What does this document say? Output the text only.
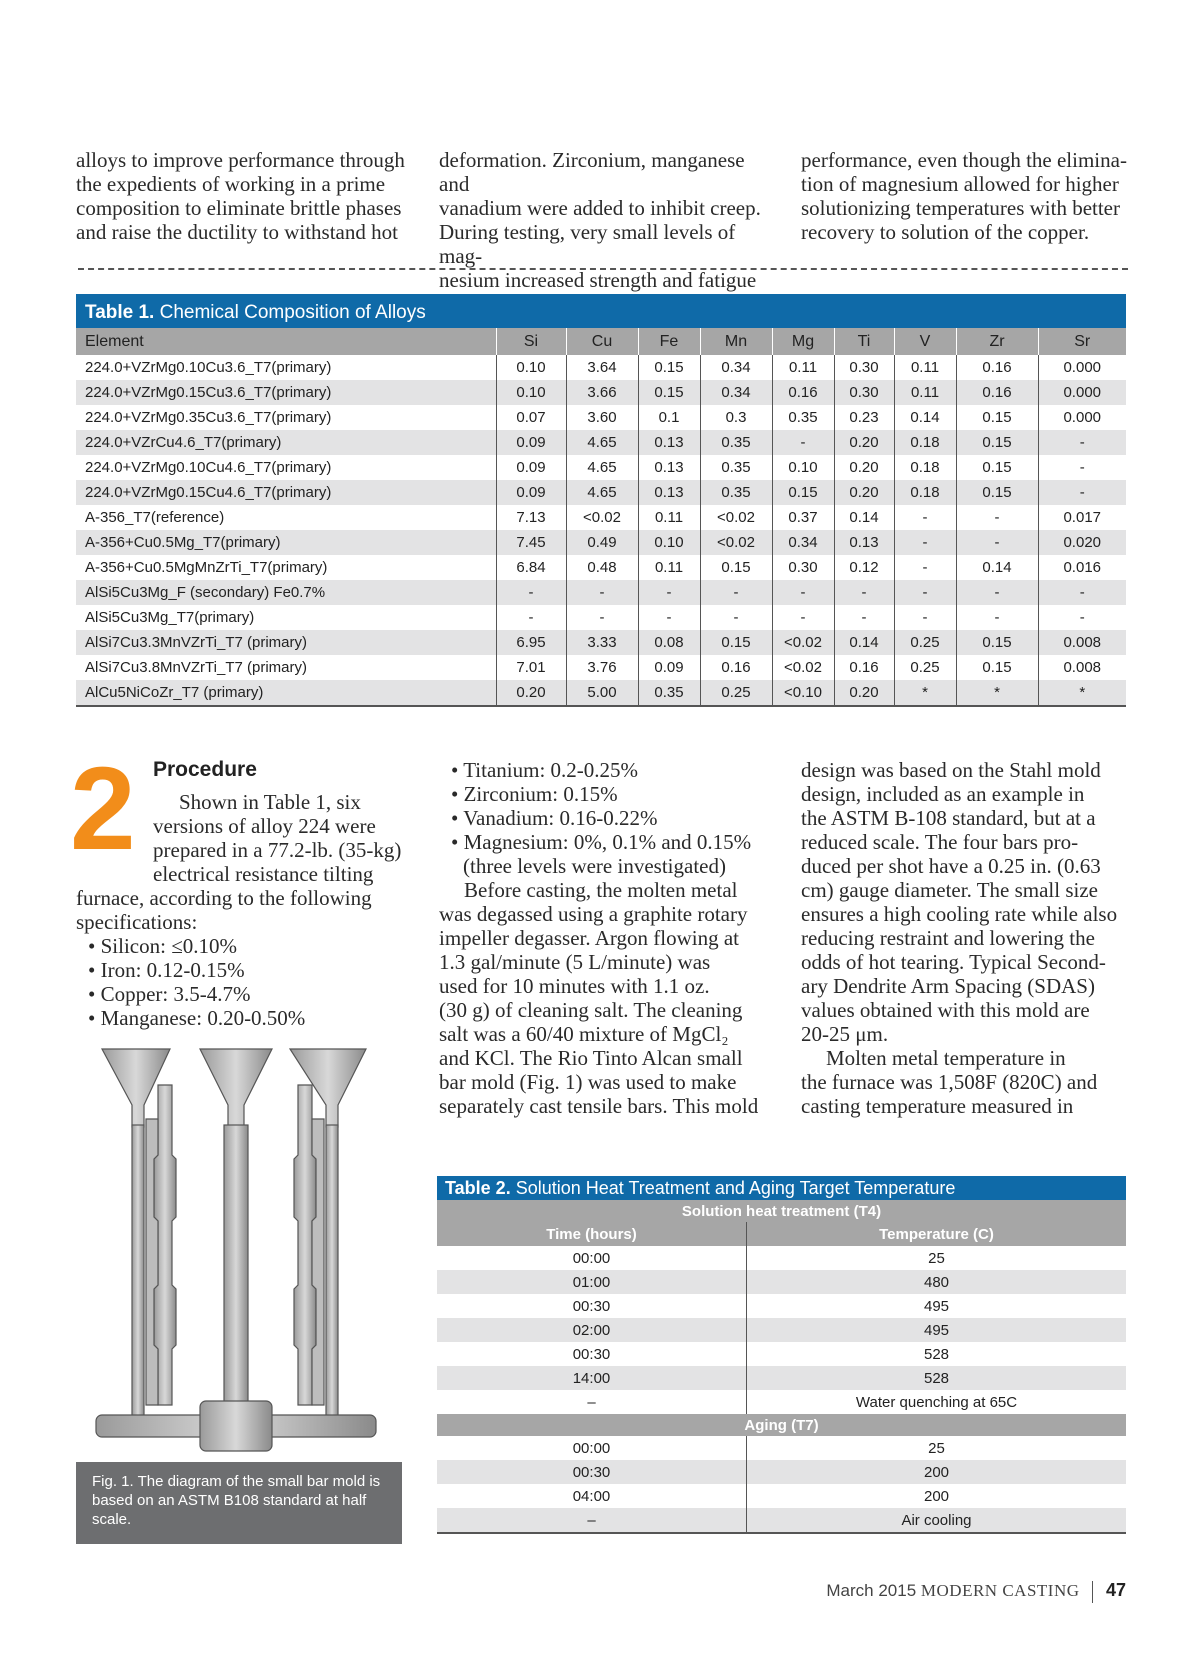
alloys to improve performance through

the expedients of working in a prime

composition to eliminate brittle phases

and raise the ductility to withstand hot

deformation. Zirconium, manganese and

vanadium were added to inhibit creep.

During testing, very small levels of mag-

nesium increased strength and fatigue

performance, even though the elimina-

tion of magnesium allowed for higher

solutionizing temperatures with better

recovery to solution of the copper.

Table 1. Chemical Composition of Alloys
Element	Si	Cu	Fe	Mn	Mg	Ti	V	Zr	Sr
224.0+VZrMg0.10Cu3.6_T7(primary)	0.10	3.64	0.15	0.34	0.11	0.30	0.11	0.16	0.000
224.0+VZrMg0.15Cu3.6_T7(primary)	0.10	3.66	0.15	0.34	0.16	0.30	0.11	0.16	0.000
224.0+VZrMg0.35Cu3.6_T7(primary)	0.07	3.60	0.1	0.3	0.35	0.23	0.14	0.15	0.000
224.0+VZrCu4.6_T7(primary)	0.09	4.65	0.13	0.35	-	0.20	0.18	0.15	-
224.0+VZrMg0.10Cu4.6_T7(primary)	0.09	4.65	0.13	0.35	0.10	0.20	0.18	0.15	-
224.0+VZrMg0.15Cu4.6_T7(primary)	0.09	4.65	0.13	0.35	0.15	0.20	0.18	0.15	-
A-356_T7(reference)	7.13	<0.02	0.11	<0.02	0.37	0.14	-	-	0.017
A-356+Cu0.5Mg_T7(primary)	7.45	0.49	0.10	<0.02	0.34	0.13	-	-	0.020
A-356+Cu0.5MgMnZrTi_T7(primary)	6.84	0.48	0.11	0.15	0.30	0.12	-	0.14	0.016
AlSi5Cu3Mg_F (secondary) Fe0.7%	-	-	-	-	-	-	-	-	-
AlSi5Cu3Mg_T7(primary)	-	-	-	-	-	-	-	-	-
AlSi7Cu3.3MnVZrTi_T7 (primary)	6.95	3.33	0.08	0.15	<0.02	0.14	0.25	0.15	0.008
AlSi7Cu3.8MnVZrTi_T7 (primary)	7.01	3.76	0.09	0.16	<0.02	0.16	0.25	0.15	0.008
AlCu5NiCoZr_T7 (primary)	0.20	5.00	0.35	0.25	<0.10	0.20	*	*	*
2 Procedure

Shown in Table 1, six

versions of alloy 224 were

prepared in a 77.2-lb. (35-kg)

electrical resistance tilting

furnace, according to the following

specifications:

• Silicon: ≤0.10%
• Iron: 0.12-0.15%
• Copper: 3.5-4.7%
• Manganese: 0.20-0.50%
• Titanium: 0.2-0.25%
• Zirconium: 0.15%
• Vanadium: 0.16-0.22%
• Magnesium: 0%, 0.1% and 0.15%
(three levels were investigated)

Before casting, the molten metal

was degassed using a graphite rotary

impeller degasser. Argon flowing at

1.3 gal/minute (5 L/minute) was

used for 10 minutes with 1.1 oz.

(30 g) of cleaning salt. The cleaning

salt was a 60/40 mixture of MgCl₂

and KCl. The Rio Tinto Alcan small

bar mold (Fig. 1) was used to make

separately cast tensile bars. This mold

design was based on the Stahl mold

design, included as an example in

the ASTM B-108 standard, but at a

reduced scale. The four bars pro-

duced per shot have a 0.25 in. (0.63

cm) gauge diameter. The small size

ensures a high cooling rate while also

reducing restraint and lowering the

odds of hot tearing. Typical Second-

ary Dendrite Arm Spacing (SDAS)

values obtained with this mold are

20-25 μm.

Molten metal temperature in

the furnace was 1,508F (820C) and

casting temperature measured in

Fig. 1. The diagram of the small bar mold is based on an ASTM B108 standard at half scale.
Table 2. Solution Heat Treatment and Aging Target Temperature
Solution heat treatment (T4)	
Time (hours)	Temperature (C)
00:00	25
01:00	480
00:30	495
02:00	495
00:30	528
14:00	528
–	Water quenching at 65C
Aging (T7)	
00:00	25
00:30	200
04:00	200
–	Air cooling
March 2015 MODERN CASTING 47
